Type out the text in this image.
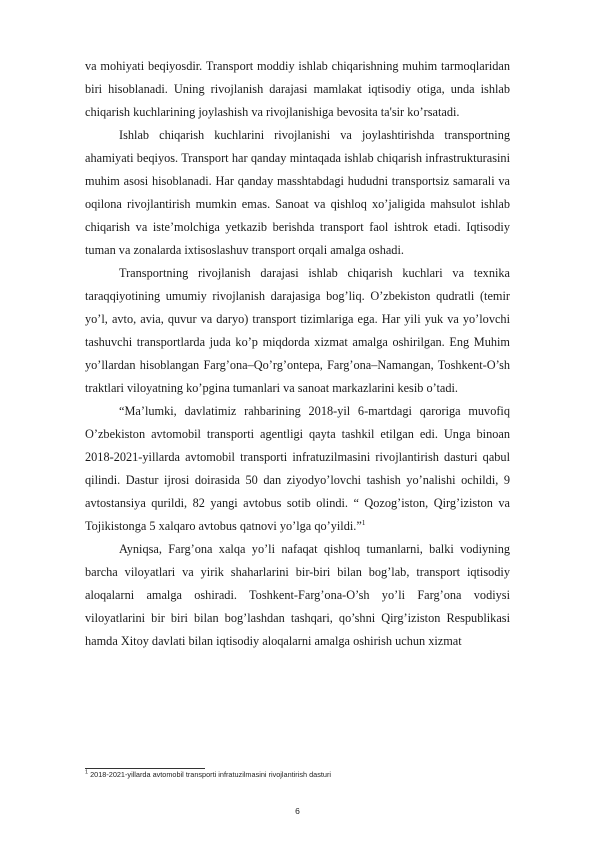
va mohiyati beqiyosdir. Transport moddiy ishlab chiqarishning muhim tarmoqlaridan biri hisoblanadi. Uning rivojlanish darajasi mamlakat iqtisodiy otiga, unda ishlab chiqarish kuchlarining joylashish va rivojlanishiga bevosita ta'sir ko’rsatadi.

Ishlab chiqarish kuchlarini rivojlanishi va joylashtirishda transportning ahamiyati beqiyos. Transport har qanday mintaqada ishlab chiqarish infrastrukturasini muhim asosi hisoblanadi. Har qanday masshtabdagi hududni transportsiz samarali va oqilona rivojlantirish mumkin emas. Sanoat va qishloq xo’jaligida mahsulot ishlab chiqarish va iste’molchiga yetkazib berishda transport faol ishtrok etadi. Iqtisodiy tuman va zonalarda ixtisoslashuv transport orqali amalga oshadi.

Transportning rivojlanish darajasi ishlab chiqarish kuchlari va texnika taraqqiyotining umumiy rivojlanish darajasiga bog’liq. O’zbekiston qudratli (temir yo’l, avto, avia, quvur va daryo) transport tizimlariga ega. Har yili yuk va yo’lovchi tashuvchi transportlarda juda ko’p miqdorda xizmat amalga oshirilgan. Eng Muhim yo’llardan hisoblangan Farg’ona–Qo’rg’ontepa, Farg’ona–Namangan, Toshkent-O’sh traktlari viloyatning ko’pgina tumanlari va sanoat markazlarini kesib o’tadi.

“Ma’lumki, davlatimiz rahbarining 2018-yil 6-martdagi qaroriga muvofiq O’zbekiston avtomobil transporti agentligi qayta tashkil etilgan edi. Unga binoan 2018-2021-yillarda avtomobil transporti infratuzilmasini rivojlantirish dasturi qabul qilindi. Dastur ijrosi doirasida 50 dan ziyodyo’lovchi tashish yo’nalishi ochildi, 9 avtostansiya qurildi, 82 yangi avtobus sotib olindi. “ Qozog’iston, Qirg’iziston va Tojikistonga 5 xalqaro avtobus qatnovi yo’lga qo’yildi.”$^1$

Ayniqsa, Farg’ona xalqa yo’li nafaqat qishloq tumanlarni, balki vodiyning barcha viloyatlari va yirik shaharlarini bir-biri bilan bog’lab, transport iqtisodiy aloqalarni amalga oshiradi. Toshkent-Farg’ona-O’sh yo’li Farg’ona vodiysi viloyatlarini bir biri bilan bog’lashdan tashqari, qo’shni Qirg’iziston Respublikasi hamda Xitoy davlati bilan iqtisodiy aloqalarni amalga oshirish uchun xizmat

$^1$ 2018-2021-yillarda avtomobil transporti infratuzilmasini rivojlantirish dasturi
6
